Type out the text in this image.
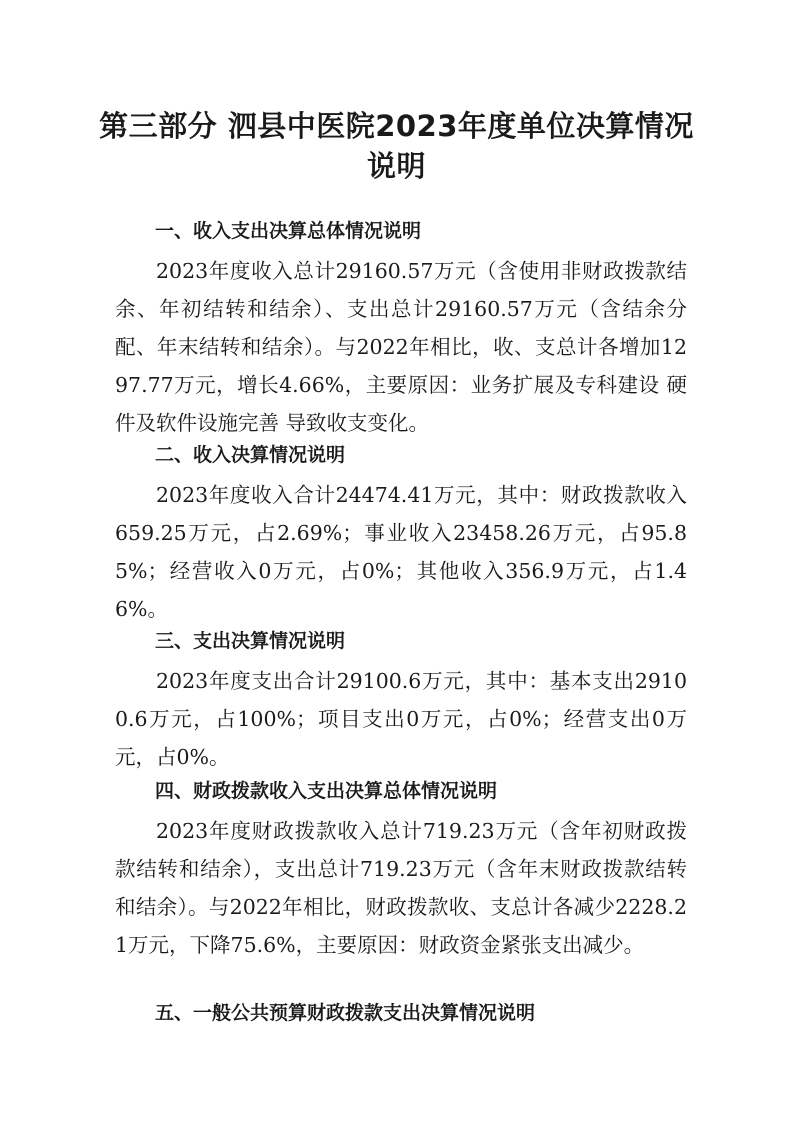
第三部分 泗县中医院2023年度单位决算情况
说明
一、收入支出决算总体情况说明

2023年度收入总计29160.57万元（含使用非财政拨款结余、年初结转和结余）、支出总计29160.57万元（含结余分配、年末结转和结余）。与2022年相比，收、支总计各增加1297.77万元，增长4.66%，主要原因：业务扩展及专科建设 硬件及软件设施完善 导致收支变化。

二、收入决算情况说明

2023年度收入合计24474.41万元，其中：财政拨款收入659.25万元，占2.69%；事业收入23458.26万元，占95.85%；经营收入0万元，占0%；其他收入356.9万元，占1.46%。

三、支出决算情况说明

2023年度支出合计29100.6万元，其中：基本支出29100.6万元，占100%；项目支出0万元，占0%；经营支出0万元，占0%。

四、财政拨款收入支出决算总体情况说明

2023年度财政拨款收入总计719.23万元（含年初财政拨款结转和结余），支出总计719.23万元（含年末财政拨款结转和结余）。与2022年相比，财政拨款收、支总计各减少2228.21万元，下降75.6%，主要原因：财政资金紧张支出减少。

五、一般公共预算财政拨款支出决算情况说明
